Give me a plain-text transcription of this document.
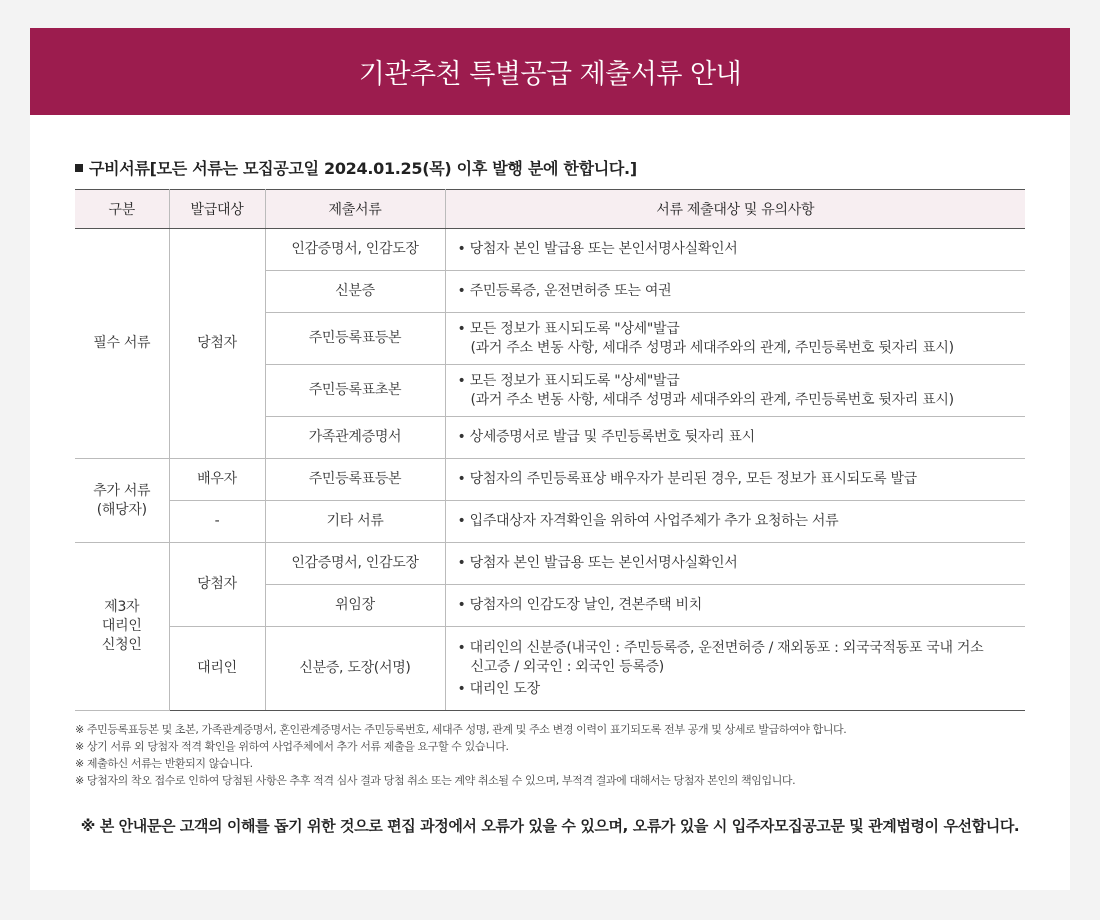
기관추천 특별공급 제출서류 안내
구비서류[모든 서류는 모집공고일 2024.01.25(목) 이후 발행 분에 한합니다.]
구분	발급대상	제출서류	서류 제출대상 및 유의사항
필수 서류	당첨자	인감증명서, 인감도장	• 당첨자 본인 발급용 또는 본인서명사실확인서

		신분증	• 주민등록증, 운전면허증 또는 여권

		주민등록표등본	• 모든 정보가 표시되도록 "상세"발급
(과거 주소 변동 사항, 세대주 성명과 세대주와의 관계, 주민등록번호 뒷자리 표시)

		주민등록표초본	• 모든 정보가 표시되도록 "상세"발급
(과거 주소 변동 사항, 세대주 성명과 세대주와의 관계, 주민등록번호 뒷자리 표시)

		가족관계증명서	• 상세증명서로 발급 및 주민등록번호 뒷자리 표시

추가 서류
(해당자)	배우자	주민등록표등본	• 당첨자의 주민등록표상 배우자가 분리된 경우, 모든 정보가 표시되도록 발급

	-	기타 서류	• 입주대상자 자격확인을 위하여 사업주체가 추가 요청하는 서류

제3자
대리인
신청인	당첨자	인감증명서, 인감도장	• 당첨자 본인 발급용 또는 본인서명사실확인서

		위임장	• 당첨자의 인감도장 날인, 견본주택 비치

	대리인	신분증, 도장(서명)	• 대리인의 신분증(내국인 : 주민등록증, 운전면허증 / 재외동포 : 외국국적동포 국내 거소
신고증 / 외국인 : 외국인 등록증)
• 대리인 도장
※ 주민등록표등본 및 초본, 가족관계증명서, 혼인관계증명서는 주민등록번호, 세대주 성명, 관계 및 주소 변경 이력이 표기되도록 전부 공개 및 상세로 발급하여야 합니다.
※ 상기 서류 외 당첨자 적격 확인을 위하여 사업주체에서 추가 서류 제출을 요구할 수 있습니다.
※ 제출하신 서류는 반환되지 않습니다.
※ 당첨자의 착오 접수로 인하여 당첨된 사항은 추후 적격 심사 결과 당첨 취소 또는 계약 취소될 수 있으며, 부적격 결과에 대해서는 당첨자 본인의 책임입니다.
※ 본 안내문은 고객의 이해를 돕기 위한 것으로 편집 과정에서 오류가 있을 수 있으며, 오류가 있을 시 입주자모집공고문 및 관계법령이 우선합니다.
